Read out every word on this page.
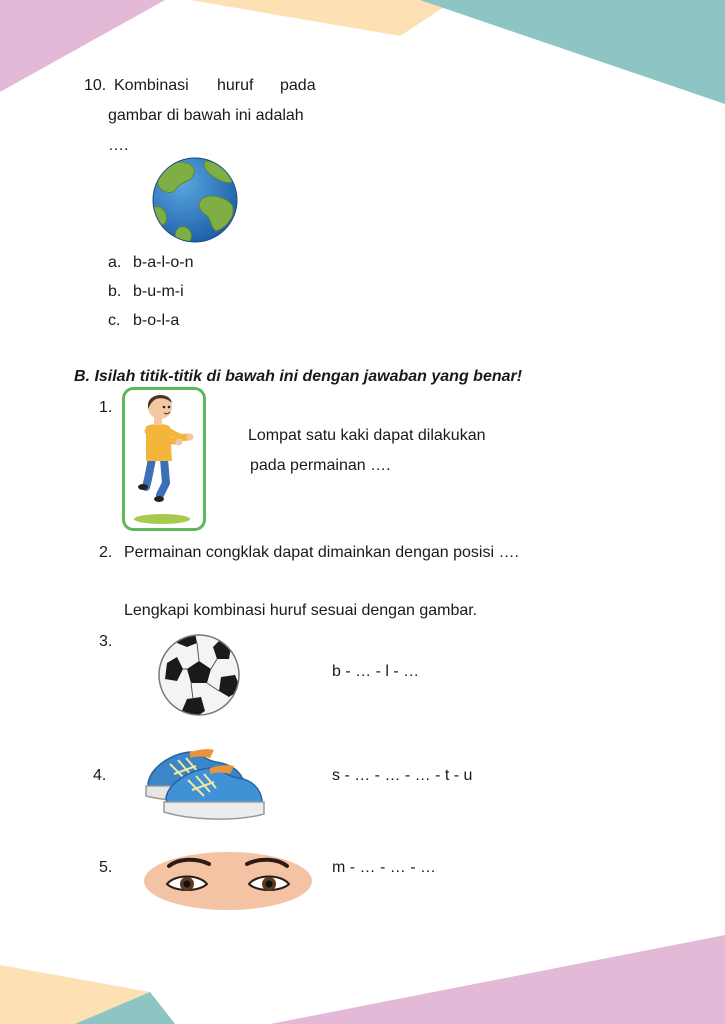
10. Kombinasi huruf pada
gambar di bawah ini adalah
….
a. b-a-l-o-n
b. b-u-m-i
c. b-o-l-a
B. Isilah titik-titik di bawah ini dengan jawaban yang benar!
1.
Lompat satu kaki dapat dilakukan
pada permainan ….
2. Permainan congklak dapat dimainkan dengan posisi ….
Lengkapi kombinasi huruf sesuai dengan gambar.
3.
b - … - l - …
4.	s - … - … - … - t - u
5.	m - … - … - …
